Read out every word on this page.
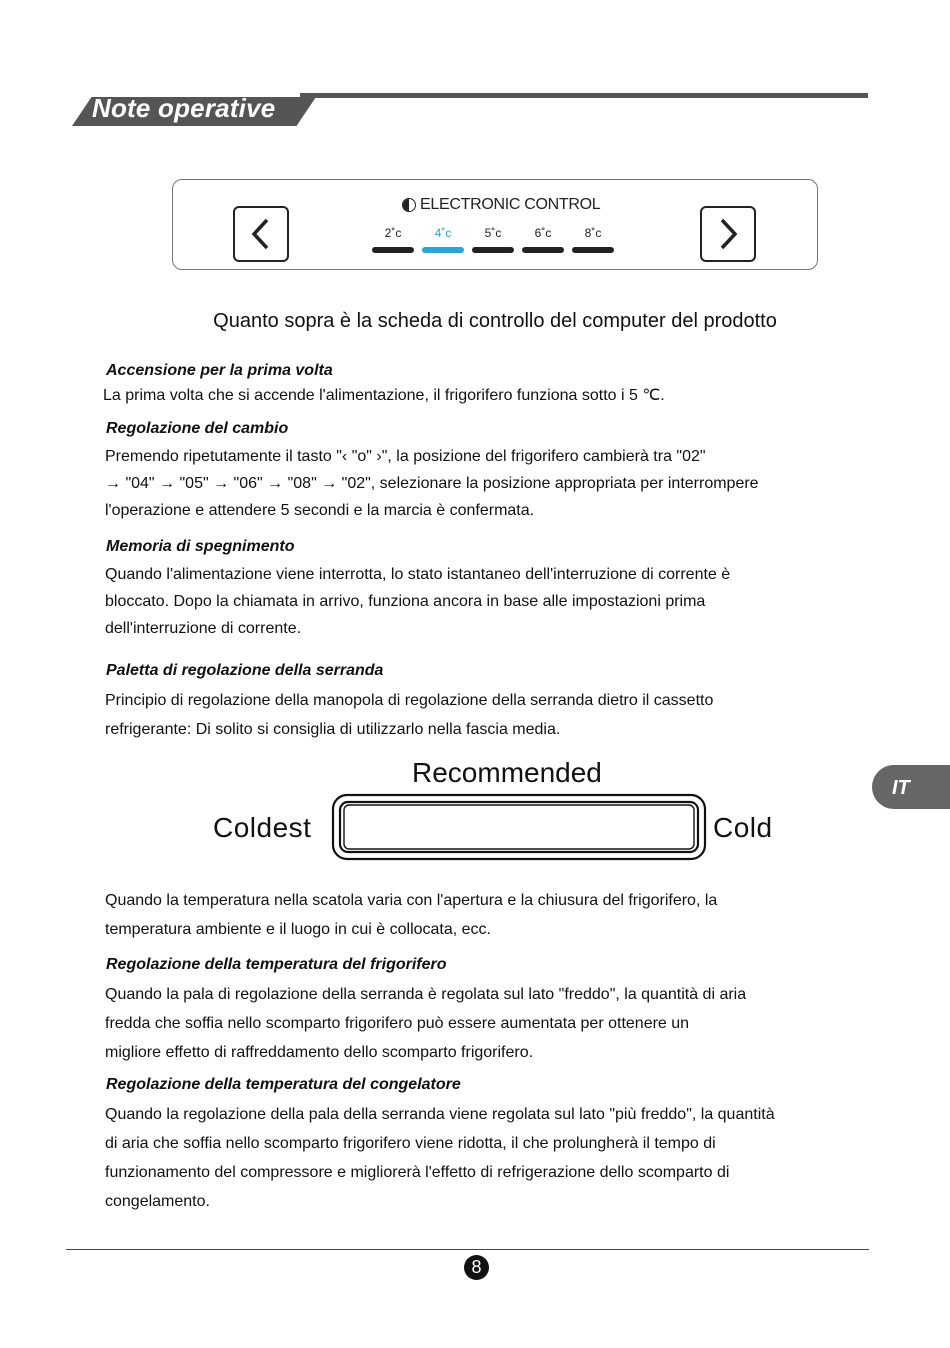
Note operative
ELECTRONIC CONTROL
2˚c	4˚c	5˚c	6˚c	8˚c
Quanto sopra è la scheda di controllo del computer del prodotto
Accensione per la prima volta
La prima volta che si accende l'alimentazione, il frigorifero funziona sotto i 5 ℃.
Regolazione del cambio
Premendo ripetutamente il tasto "‹ "o" ›", la posizione del frigorifero cambierà tra "02"
→ "04" → "05" → "06" → "08" → "02", selezionare la posizione appropriata per interrompere
l'operazione e attendere 5 secondi e la marcia è confermata.
Memoria di spegnimento
Quando l'alimentazione viene interrotta, lo stato istantaneo dell'interruzione di corrente è
bloccato. Dopo la chiamata in arrivo, funziona ancora in base alle impostazioni prima
dell'interruzione di corrente.
Paletta di regolazione della serranda
Principio di regolazione della manopola di regolazione della serranda dietro il cassetto
refrigerante: Di solito si consiglia di utilizzarlo nella fascia media.
Recommended
Coldest	Cold
Quando la temperatura nella scatola varia con l'apertura e la chiusura del frigorifero, la
temperatura ambiente e il luogo in cui è collocata, ecc.
Regolazione della temperatura del frigorifero
Quando la pala di regolazione della serranda è regolata sul lato "freddo", la quantità di aria
fredda che soffia nello scomparto frigorifero può essere aumentata per ottenere un
migliore effetto di raffreddamento dello scomparto frigorifero.
Regolazione della temperatura del congelatore
Quando la regolazione della pala della serranda viene regolata sul lato "più freddo", la quantità
di aria che soffia nello scomparto frigorifero viene ridotta, il che prolungherà il tempo di
funzionamento del compressore e migliorerà l'effetto di refrigerazione dello scomparto di
congelamento.
IT
8
